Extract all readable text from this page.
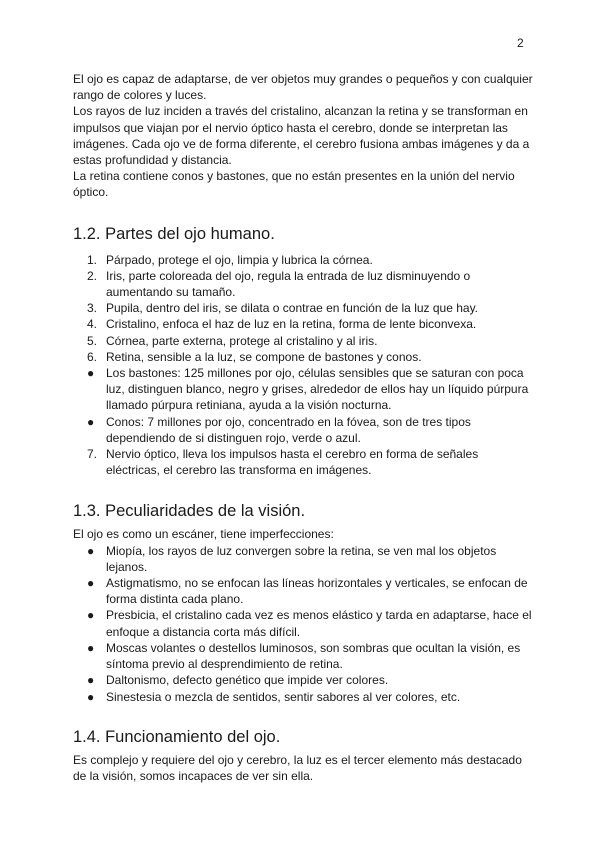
2

El ojo es capaz de adaptarse, de ver objetos muy grandes o pequeños y con cualquier rango de colores y luces.

Los rayos de luz inciden a través del cristalino, alcanzan la retina y se transforman en impulsos que viajan por el nervio óptico hasta el cerebro, donde se interpretan las imágenes. Cada ojo ve de forma diferente, el cerebro fusiona ambas imágenes y da a estas profundidad y distancia.

La retina contiene conos y bastones, que no están presentes en la unión del nervio óptico.

1.2. Partes del ojo humano.
1. Párpado, protege el ojo, limpia y lubrica la córnea.
2. Iris, parte coloreada del ojo, regula la entrada de luz disminuyendo o aumentando su tamaño.
3. Pupila, dentro del iris, se dilata o contrae en función de la luz que hay.
4. Cristalino, enfoca el haz de luz en la retina, forma de lente biconvexa.
5. Córnea, parte externa, protege al cristalino y al iris.
6. Retina, sensible a la luz, se compone de bastones y conos.
● Los bastones: 125 millones por ojo, células sensibles que se saturan con poca luz, distinguen blanco, negro y grises, alrededor de ellos hay un líquido púrpura llamado púrpura retiniana, ayuda a la visión nocturna.
● Conos: 7 millones por ojo, concentrado en la fóvea, son de tres tipos dependiendo de si distinguen rojo, verde o azul.
7. Nervio óptico, lleva los impulsos hasta el cerebro en forma de señales eléctricas, el cerebro las transforma en imágenes.
1.3. Peculiaridades de la visión.

El ojo es como un escáner, tiene imperfecciones:

● Miopía, los rayos de luz convergen sobre la retina, se ven mal los objetos lejanos.
● Astigmatismo, no se enfocan las líneas horizontales y verticales, se enfocan de forma distinta cada plano.
● Presbicia, el cristalino cada vez es menos elástico y tarda en adaptarse, hace el enfoque a distancia corta más difícil.
● Moscas volantes o destellos luminosos, son sombras que ocultan la visión, es síntoma previo al desprendimiento de retina.
● Daltonismo, defecto genético que impide ver colores.
● Sinestesia o mezcla de sentidos, sentir sabores al ver colores, etc.
1.4. Funcionamiento del ojo.

Es complejo y requiere del ojo y cerebro, la luz es el tercer elemento más destacado de la visión, somos incapaces de ver sin ella.
